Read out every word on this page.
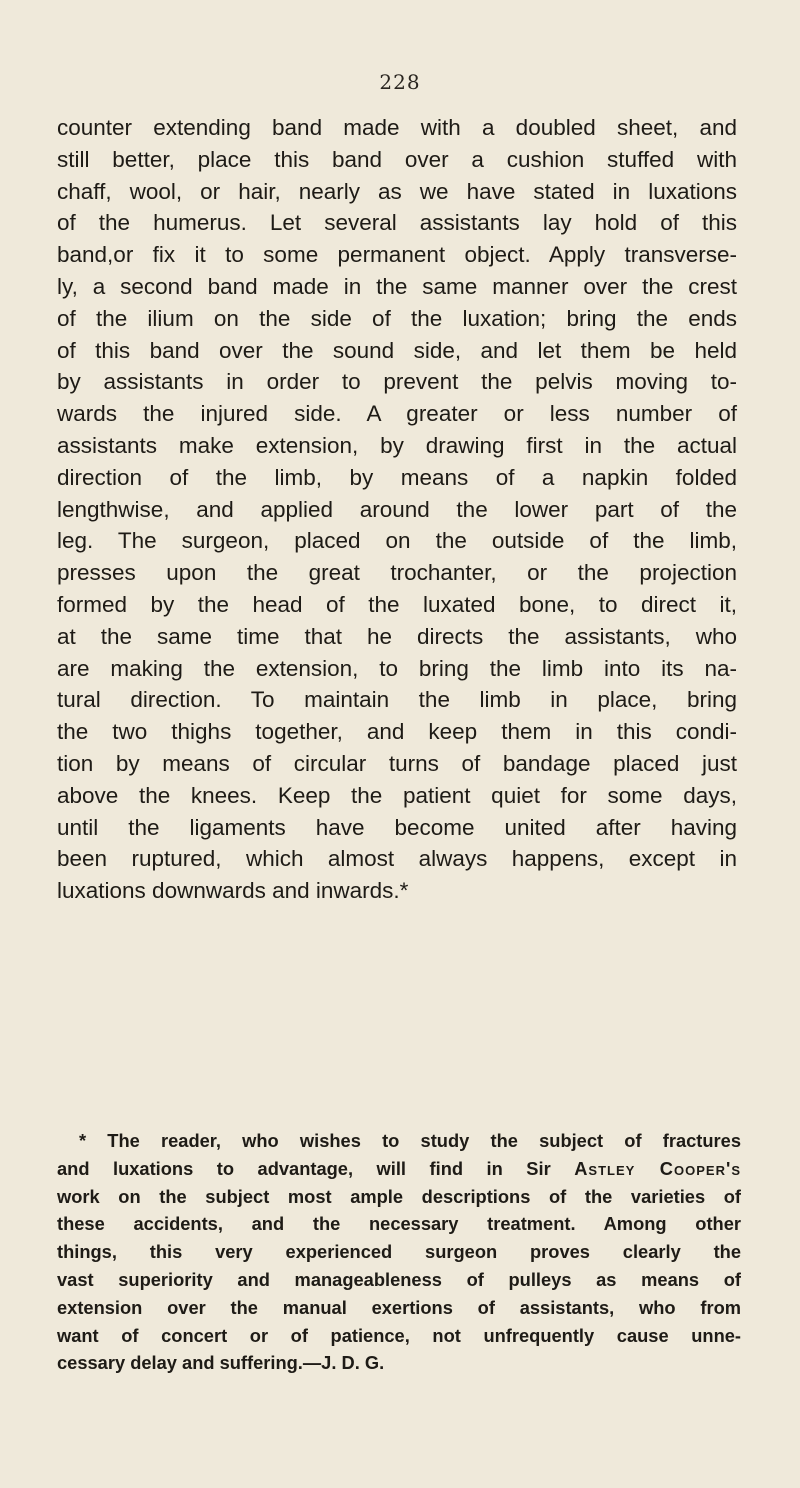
228
counter extending band made with a doubled sheet, and
still better, place this band over a cushion stuffed with
chaff, wool, or hair, nearly as we have stated in luxations
of the humerus. Let several assistants lay hold of this
band,or fix it to some permanent object. Apply transverse-
ly, a second band made in the same manner over the crest
of the ilium on the side of the luxation; bring the ends
of this band over the sound side, and let them be held
by assistants in order to prevent the pelvis moving to-
wards the injured side. A greater or less number of
assistants make extension, by drawing first in the actual
direction of the limb, by means of a napkin folded
lengthwise, and applied around the lower part of the
leg. The surgeon, placed on the outside of the limb,
presses upon the great trochanter, or the projection
formed by the head of the luxated bone, to direct it,
at the same time that he directs the assistants, who
are making the extension, to bring the limb into its na-
tural direction. To maintain the limb in place, bring
the two thighs together, and keep them in this condi-
tion by means of circular turns of bandage placed just
above the knees. Keep the patient quiet for some days,
until the ligaments have become united after having
been ruptured, which almost always happens, except in
luxations downwards and inwards.*
* The reader, who wishes to study the subject of fractures
and luxations to advantage, will find in Sir Astley Cooper's
work on the subject most ample descriptions of the varieties of
these accidents, and the necessary treatment. Among other
things, this very experienced surgeon proves clearly the
vast superiority and manageableness of pulleys as means of
extension over the manual exertions of assistants, who from
want of concert or of patience, not unfrequently cause unne-
cessary delay and suffering.—J. D. G.
